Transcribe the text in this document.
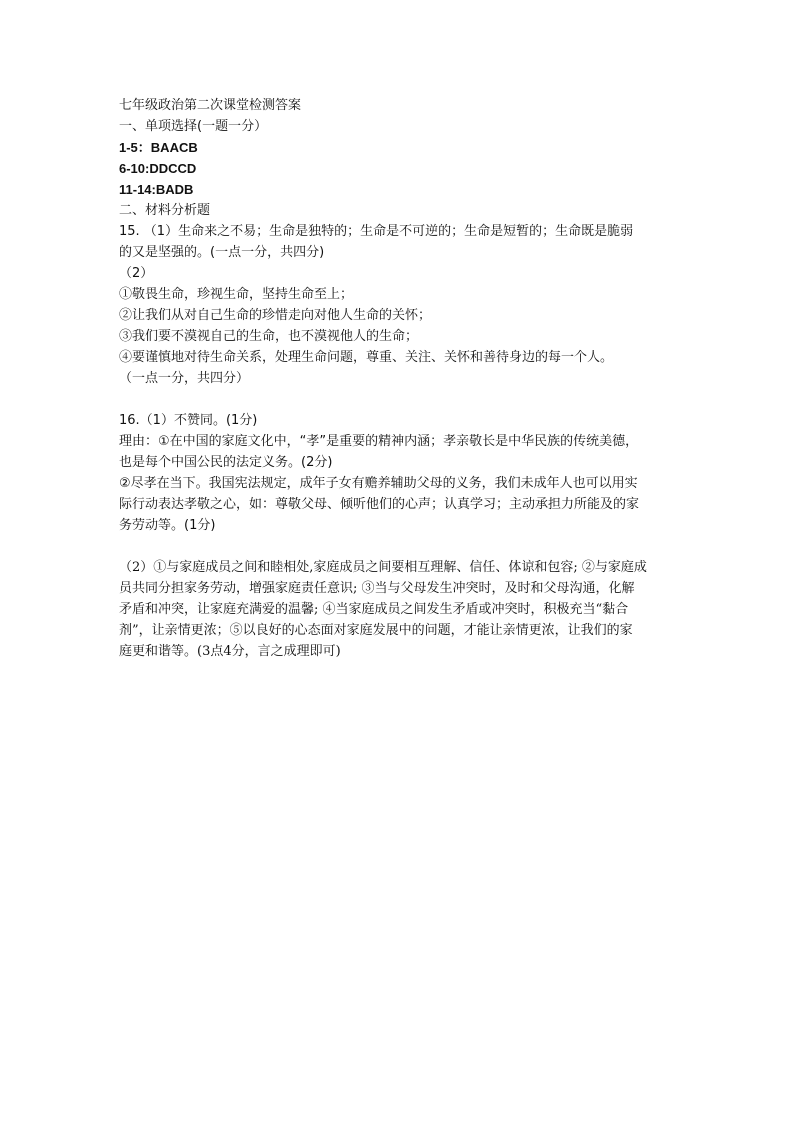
七年级政治第二次课堂检测答案
一、单项选择(一题一分）
1-5：BAACB
6-10:DDCCD
11-14:BADB
二、材料分析题
15. （1）生命来之不易；生命是独特的；生命是不可逆的；生命是短暂的；生命既是脆弱
的又是坚强的。(一点一分，共四分)
（2）
①敬畏生命，珍视生命，坚持生命至上；
②让我们从对自己生命的珍惜走向对他人生命的关怀；
③我们要不漠视自己的生命，也不漠视他人的生命；
④要谨慎地对待生命关系，处理生命问题，尊重、关注、关怀和善待身边的每一个人。
（一点一分，共四分）
16.（1）不赞同。(1分)
理由：①在中国的家庭文化中，“孝”是重要的精神内涵；孝亲敬长是中华民族的传统美德，
也是每个中国公民的法定义务。(2分)
②尽孝在当下。我国宪法规定，成年子女有赡养辅助父母的义务，我们未成年人也可以用实
际行动表达孝敬之心，如：尊敬父母、倾听他们的心声；认真学习；主动承担力所能及的家
务劳动等。(1分)
（2）①与家庭成员之间和睦相处,家庭成员之间要相互理解、信任、体谅和包容; ②与家庭成
员共同分担家务劳动，增强家庭责任意识; ③当与父母发生冲突时，及时和父母沟通，化解
矛盾和冲突，让家庭充满爱的温馨; ④当家庭成员之间发生矛盾或冲突时，积极充当“黏合
剂”，让亲情更浓；⑤以良好的心态面对家庭发展中的问题，才能让亲情更浓，让我们的家
庭更和谐等。(3点4分，言之成理即可)
